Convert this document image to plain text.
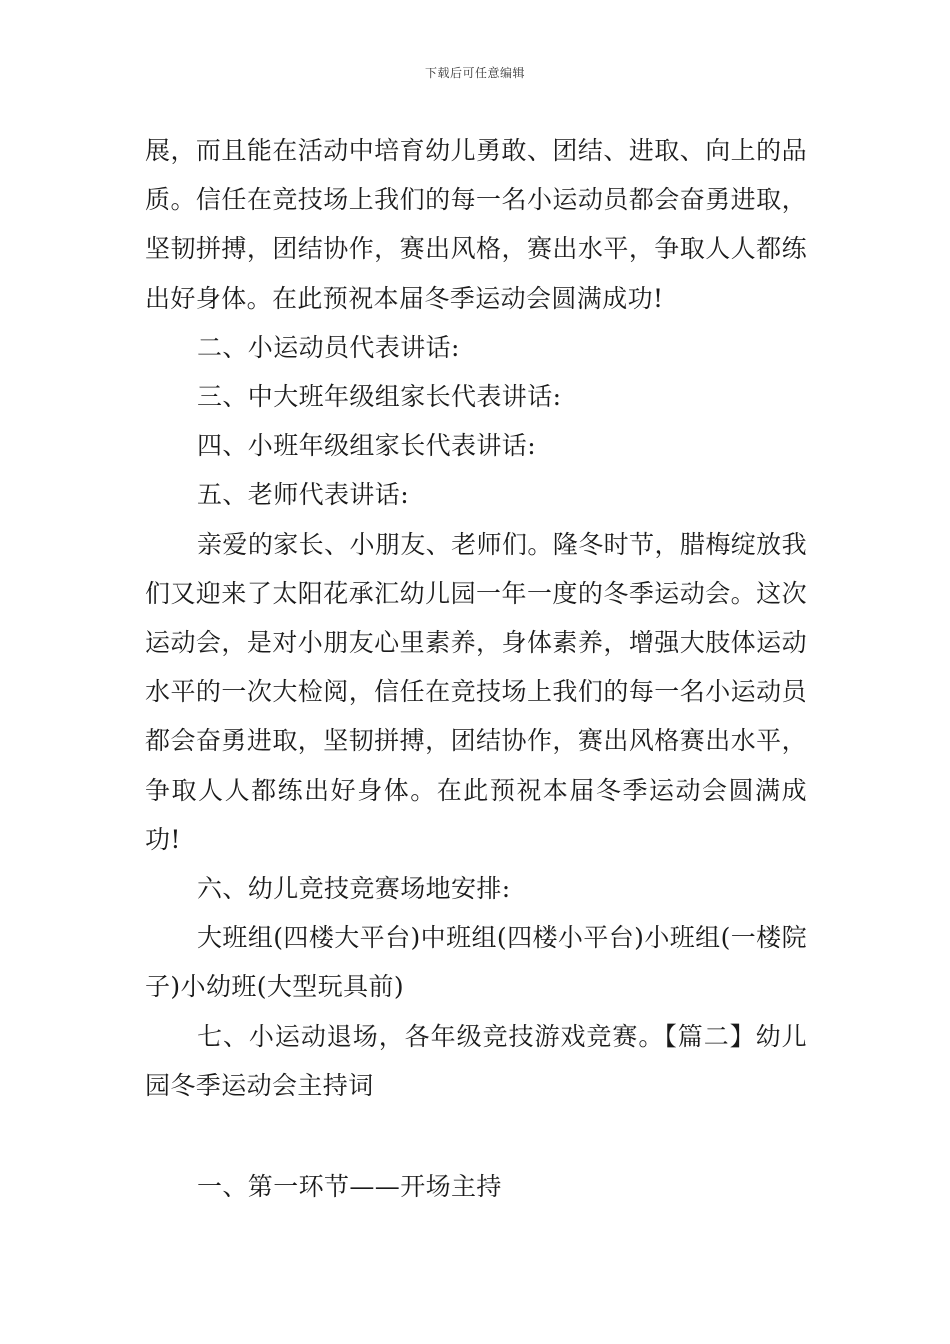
下载后可任意编辑

展，而且能在活动中培育幼儿勇敢、团结、进取、向上的品质。信任在竞技场上我们的每一名小运动员都会奋勇进取，坚韧拼搏，团结协作，赛出风格，赛出水平，争取人人都练出好身体。在此预祝本届冬季运动会圆满成功!

二、小运动员代表讲话:

三、中大班年级组家长代表讲话:

四、小班年级组家长代表讲话:

五、老师代表讲话:

亲爱的家长、小朋友、老师们。隆冬时节，腊梅绽放我们又迎来了太阳花承汇幼儿园一年一度的冬季运动会。这次运动会，是对小朋友心里素养，身体素养，增强大肢体运动水平的一次大检阅，信任在竞技场上我们的每一名小运动员都会奋勇进取，坚韧拼搏，团结协作，赛出风格赛出水平，争取人人都练出好身体。在此预祝本届冬季运动会圆满成功!

六、幼儿竞技竞赛场地安排:

大班组(四楼大平台)中班组(四楼小平台)小班组(一楼院子)小幼班(大型玩具前)

七、小运动退场，各年级竞技游戏竞赛。【篇二】幼儿园冬季运动会主持词

一、第一环节——开场主持
